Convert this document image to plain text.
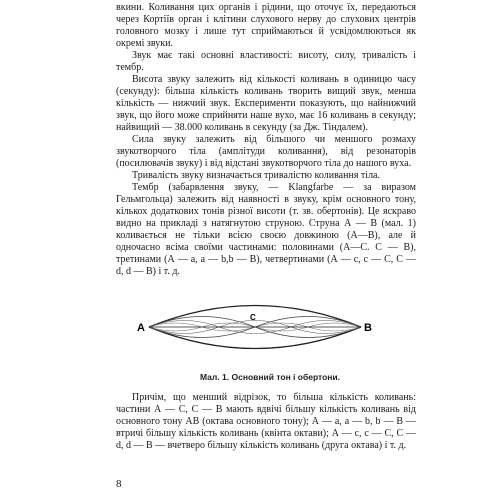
вкини. Коливання цих органів і рідини, що оточує їх, передаються через Кортіїв орган і клітини слухового нерву до слухових центрів головного мозку і лише тут сприймаються й усвідомлюються як окремі звуки.

Звук має такі основні властивості: висоту, силу, тривалість і тембр.

Висота звуку залежить від кількості коливань в одиницю часу (секунду): більша кількість коливань творить вищий звук, менша кількість — нижчий звук. Експерименти показують, що найнижчий звук, що його може сприйняти наше вухо, має 16 коливань в секунду; найвищий — 38.000 коливань в секунду (за Дж. Тіндалем).

Сила звуку залежить від більшого чи меншого розмаху звукотворчого тіла (амплітуди коливання), від резонаторів (посилювачів звуку) і від відстані звукотворчого тіла до нашого вуха.

Тривалість звуку визначається тривалістю коливання тіла.

Тембр (забарвлення звуку, — Klangfarbe — за виразом Гельмгольца) залежить від наявності в звуку, крім основного тону, кількох додаткових тонів різної висоти (т. зв. обертонів). Це яскраво видно на прикладі з натягнутою струною. Струна А — В (мал. 1) коливається не тільки всією своєю довжиною (А—В), але й одночасно всіма своїми частинами: половинами (А—С. С — В), третинами (А — а, а — b,b — В), четвертинами (А — с, с — С, С — d, d — В) і т. д.

А	В
С
Мал. 1. Основний тон і обертони.

Причім, що менший відрізок, то більша кількість коливань: частини А — С, С — В мають вдвічі більшу кількість коливань від основного тону АВ (октава основного тону); А — а, а — b, b — В — втричі більшу кількість коливань (квінта октави); А — с, с — С, С — d, d — В — вчетверо більшу кількість коливань (друга октава) і т. д.

8
